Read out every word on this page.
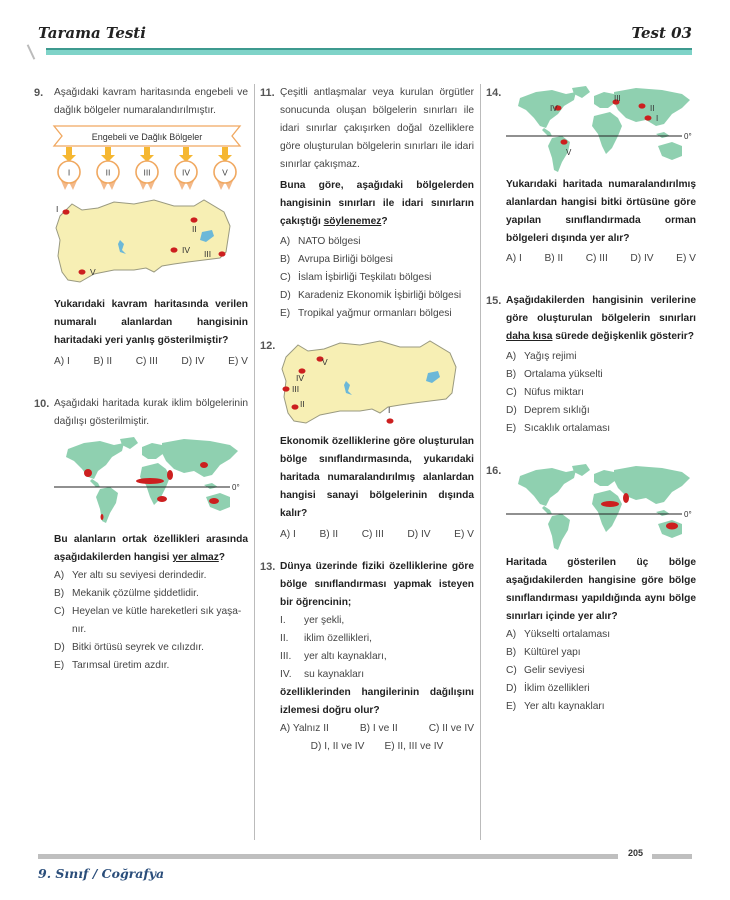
Tarama Testi	Test 03
9. Aşağıdaki kavram haritasında engebeli ve dağlık bölgeler numaralandırılmıştır.
Engebeli ve Dağlık Bölgeler
I	II	III	IV	V
I
II
III
IV
V
Yukarıdaki kavram haritasında verilen numaralı alanlardan hangisinin haritadaki yeri yanlış gösterilmiştir?
A) I B) II C) III D) IV E) V
10. Aşağıdaki haritada kurak iklim bölgelerinin dağılışı gösterilmiştir.
0°
Bu alanların ortak özellikleri arasında aşağıdakilerden hangisi yer almaz?
A) Yer altı su seviyesi derindedir.
B) Mekanik çözülme şiddetlidir.
C) Heyelan ve kütle hareketleri sık yaşa-
nır.
D) Bitki örtüsü seyrek ve cılızdır.
E) Tarımsal üretim azdır.
11. Çeşitli antlaşmalar veya kurulan örgütler sonucunda oluşan bölgelerin sınırları ile idari sınırlar çakışırken doğal özelliklere göre oluşturulan bölgelerin sınırları ile idari sınırlar çakışmaz.
Buna göre, aşağıdaki bölgelerden hangisinin sınırları ile idari sınırların çakıştığı söylenemez?
A) NATO bölgesi
B) Avrupa Birliği bölgesi
C) İslam İşbirliği Teşkilatı bölgesi
D) Karadeniz Ekonomik İşbirliği bölgesi
E) Tropikal yağmur ormanları bölgesi
12.
I
II
III
IV
V
Ekonomik özelliklerine göre oluşturulan bölge sınıflandırmasında, yukarıdaki haritada numaralandırılmış alanlardan hangisi sanayi bölgelerinin dışında kalır?
A) I B) II C) III D) IV E) V
13. Dünya üzerinde fiziki özelliklerine göre bölge sınıflandırması yapmak isteyen bir öğrencinin;
I.	yer şekli,
II.	iklim özellikleri,
III.	yer altı kaynakları,
IV.	su kaynakları
özelliklerinden hangilerinin dağılışını izlemesi doğru olur?
A) Yalnız II	B) I ve II	C) II ve IV
D) I, II ve IV E) II, III ve IV
14.
0°
I
II
III
IV
V
Yukarıdaki haritada numaralandırılmış alanlardan hangisi bitki örtüsüne göre yapılan sınıflandırmada orman bölgeleri dışında yer alır?
A) I B) II C) III D) IV E) V
15. Aşağıdakilerden hangisinin verilerine göre oluşturulan bölgelerin sınırları daha kısa sürede değişkenlik gösterir?
A) Yağış rejimi
B) Ortalama yükselti
C) Nüfus miktarı
D) Deprem sıklığı
E) Sıcaklık ortalaması
16.
0°
Haritada gösterilen üç bölge aşağıdakilerden hangisine göre bölge sınıflandırması yapıldığında aynı bölge sınırları içinde yer alır?
A) Yükselti ortalaması
B) Kültürel yapı
C) Gelir seviyesi
D) İklim özellikleri
E) Yer altı kaynakları
205
9. Sınıf / Coğrafya
